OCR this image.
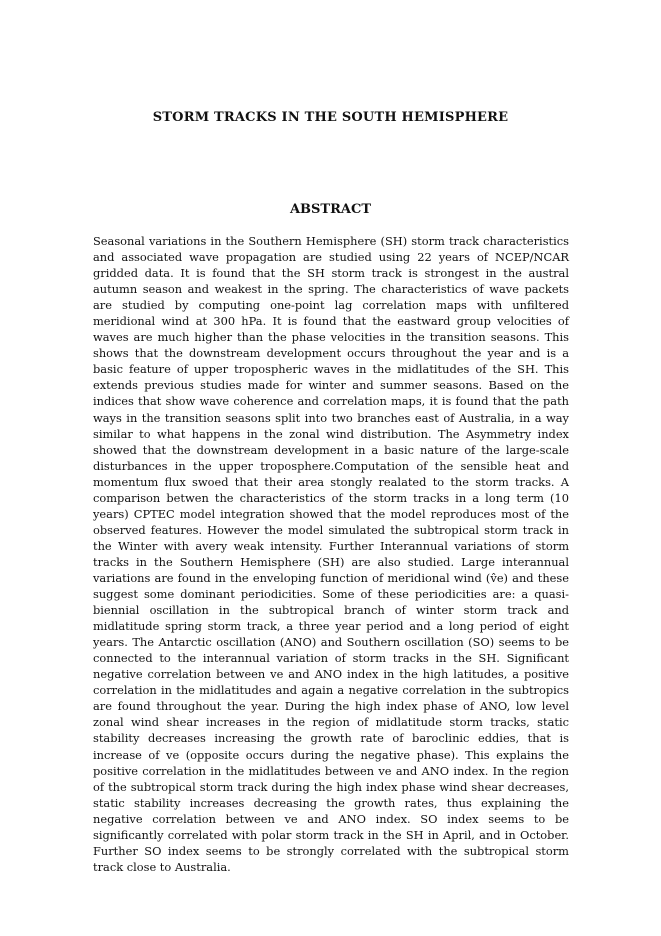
STORM TRACKS IN THE SOUTH HEMISPHERE
ABSTRACT

Seasonal variations in the Southern Hemisphere (SH) storm track characteristics and associated wave propagation are studied using 22 years of NCEP/NCAR gridded data. It is found that the SH storm track is strongest in the austral autumn season and weakest in the spring. The characteristics of wave packets are studied by computing one-point lag correlation maps with unfiltered meridional wind at 300 hPa. It is found that the eastward group velocities of waves are much higher than the phase velocities in the transition seasons. This shows that the downstream development occurs throughout the year and is a basic feature of upper tropospheric waves in the midlatitudes of the SH. This extends previous studies made for winter and summer seasons. Based on the indices that show wave coherence and correlation maps, it is found that the path ways in the transition seasons split into two branches east of Australia, in a way similar to what happens in the zonal wind distribution. The Asymmetry index showed that the downstream development in a basic nature of the large-scale disturbances in the upper troposphere.Computation of the sensible heat and momentum flux swoed that their area stongly realated to the storm tracks. A comparison betwen the characteristics of the storm tracks in a long term (10 years) CPTEC model integration showed that the model reproduces most of the observed features. However the model simulated the subtropical storm track in the Winter with avery weak intensity. Further Interannual variations of storm tracks in the Southern Hemisphere (SH) are also studied. Large interannual variations are found in the enveloping function of meridional wind (v̂e) and these suggest some dominant periodicities. Some of these periodicities are: a quasi-biennial oscillation in the subtropical branch of winter storm track and midlatitude spring storm track, a three year period and a long period of eight years. The Antarctic oscillation (ANO) and Southern oscillation (SO) seems to be connected to the interannual variation of storm tracks in the SH. Significant negative correlation between ve and ANO index in the high latitudes, a positive correlation in the midlatitudes and again a negative correlation in the subtropics are found throughout the year. During the high index phase of ANO, low level zonal wind shear increases in the region of midlatitude storm tracks, static stability decreases increasing the growth rate of baroclinic eddies, that is increase of ve (opposite occurs during the negative phase). This explains the positive correlation in the midlatitudes between ve and ANO index. In the region of the subtropical storm track during the high index phase wind shear decreases, static stability increases decreasing the growth rates, thus explaining the negative correlation between ve and ANO index. SO index seems to be significantly correlated with polar storm track in the SH in April, and in October. Further SO index seems to be strongly correlated with the subtropical storm track close to Australia.
